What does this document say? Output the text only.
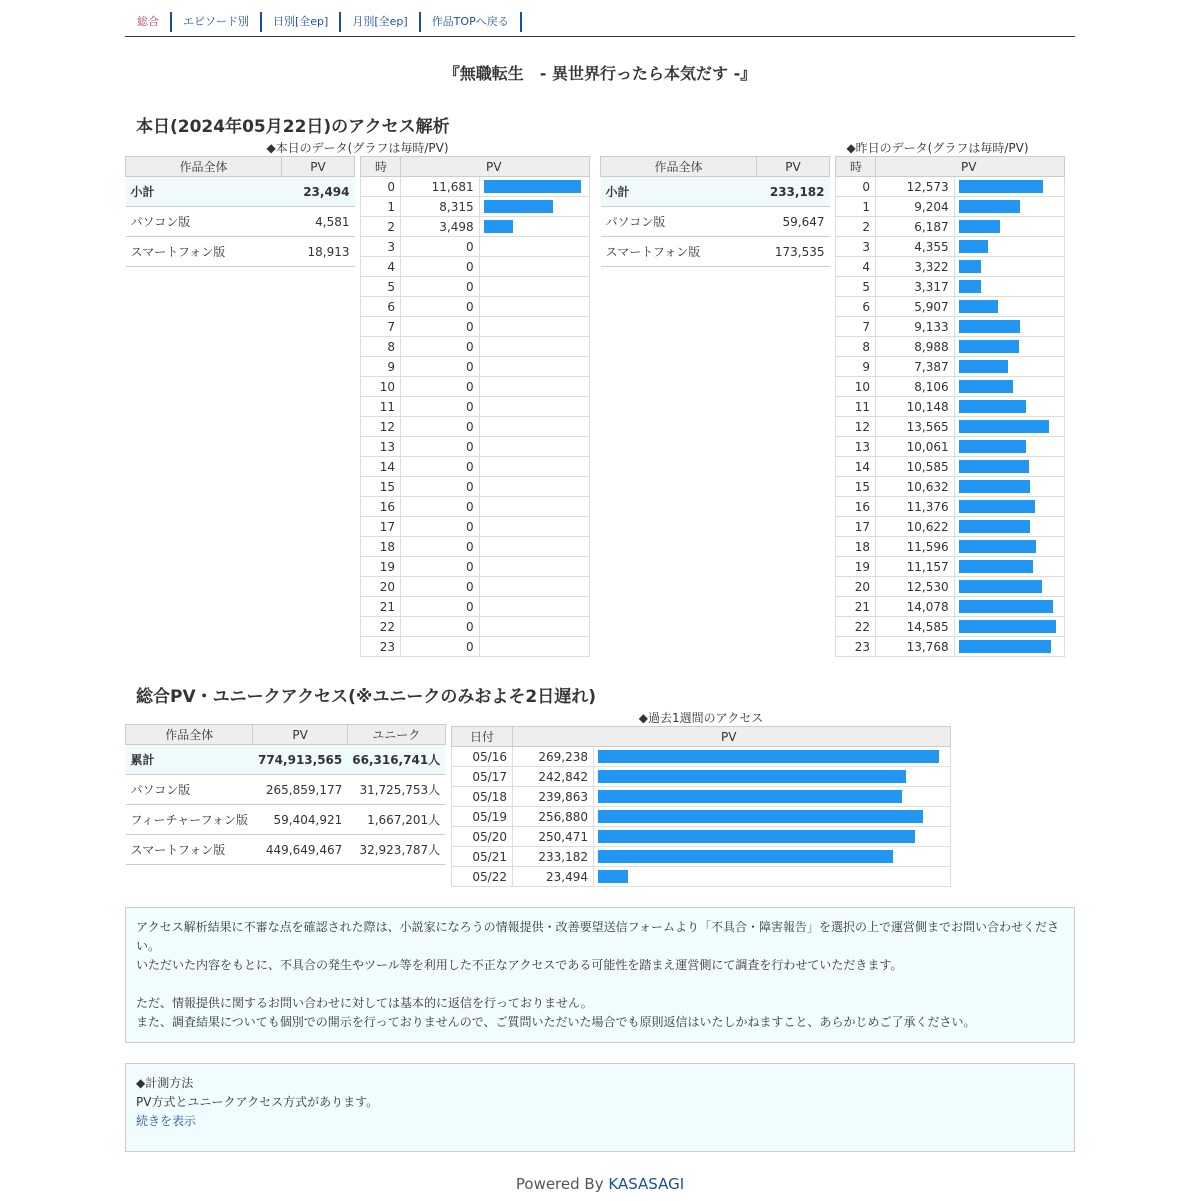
総合	エピソード別	日別[全ep]	月別[全ep]	作品TOPへ戻る
『無職転生　- 異世界行ったら本気だす -』
本日(2024年05月22日)のアクセス解析
◆本日のデータ(グラフは毎時/PV)
作品全体	PV
小計	23,494
パソコン版	4,581
スマートフォン版	18,913
時	PV	
0	11,681	

1	8,315	

2	3,498	

3	0	
4	0	
5	0	
6	0	
7	0	
8	0	
9	0	
10	0	
11	0	
12	0	
13	0	
14	0	
15	0	
16	0	
17	0	
18	0	
19	0	
20	0	
21	0	
22	0	
23	0	
◆昨日のデータ(グラフは毎時/PV)
作品全体	PV
小計	233,182
パソコン版	59,647
スマートフォン版	173,535
時	PV	
0	12,573	

1	9,204	

2	6,187	

3	4,355	

4	3,322	

5	3,317	

6	5,907	

7	9,133	

8	8,988	

9	7,387	

10	8,106	

11	10,148	

12	13,565	

13	10,061	

14	10,585	

15	10,632	

16	11,376	

17	10,622	

18	11,596	

19	11,157	

20	12,530	

21	14,078	

22	14,585	

23	13,768	
総合PV・ユニークアクセス(※ユニークのみおよそ2日遅れ)
作品全体	PV	ユニーク
累計	774,913,565	66,316,741人
パソコン版	265,859,177	31,725,753人
フィーチャーフォン版	59,404,921	1,667,201人
スマートフォン版	449,649,467	32,923,787人
◆過去1週間のアクセス
日付	PV	
05/16	269,238	

05/17	242,842	

05/18	239,863	

05/19	256,880	

05/20	250,471	

05/21	233,182	

05/22	23,494	

アクセス解析結果に不審な点を確認された際は、小説家になろうの情報提供・改善要望送信フォームより「不具合・障害報告」を選択の上で運営側までお問い合わせください。

いただいた内容をもとに、不具合の発生やツール等を利用した不正なアクセスである可能性を踏まえ運営側にて調査を行わせていただきます。

ただ、情報提供に関するお問い合わせに対しては基本的に返信を行っておりません。

また、調査結果についても個別での開示を行っておりませんので、ご質問いただいた場合でも原則返信はいたしかねますこと、あらかじめご了承ください。

◆計測方法

PV方式とユニークアクセス方式があります。

続きを表示

Powered By KASASAGI
